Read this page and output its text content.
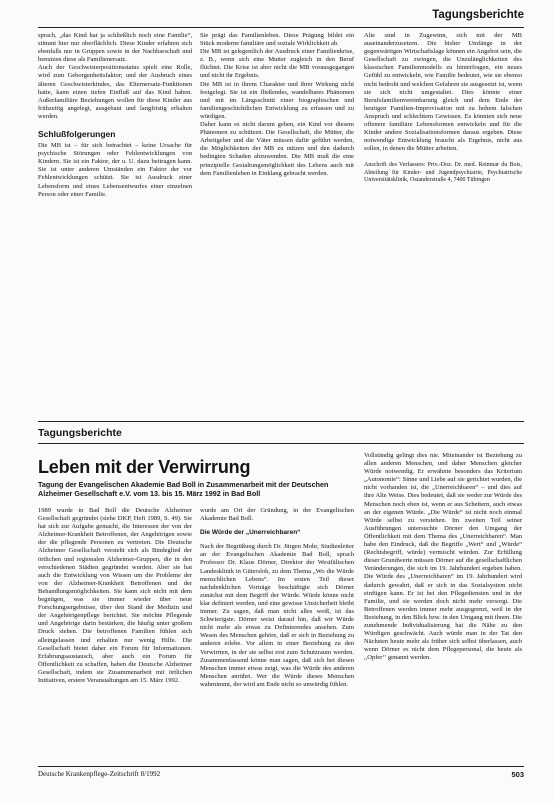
Tagungsberichte

sprach, „das Kind hat ja schließlich noch eine Familie“, stimmt hier nur oberflächlich. Diese Kinder erfahren sich ebenfalls nur in Gruppen sowie in der Nachbarschaft und benutzen diese als Familienersatz.

Auch der Geschwisterpositionsstatus spielt eine Rolle, wird zum Geborgenheitsfaktor; und der Ausbruch eines älteren Geschwisterkindes, das Elternersatz-Funktionen hatte, kann einen tiefen Einfluß auf das Kind haben. Außerfamiliäre Beziehungen wollen für diese Kinder aus frühzeitig angelegt, ausgebaut und langfristig erhalten werden.

Schlußfolgerungen

Die MB ist – für sich betrachtet – keine Ursache für psychische Störungen oder Fehlentwicklungen von Kindern. Sie ist ein Faktor, der u. U. dazu beitragen kann. Sie ist unter anderen Umständen ein Faktor der vor Fehlentwicklungen schützt. Sie ist Ausdruck einer Lebensform und eines Lebensentwurfes einer einzelnen Person oder einer Familie.

Sie prägt das Familienleben. Diese Prägung bildet ein Stück moderne familiäre und soziale Wirklichkeit ab.

Die MB ist gelegentlich der Ausdruck einer Familienkrise, z. B., wenn sich eine Mutter zugleich in den Beruf flüchtet. Die Krise ist aber nicht die MB vorausgegangen und nicht ihr Ergebnis.

Die MB ist in ihrem Charakter und ihrer Wirkung nicht festgelegt. Sie ist ein fließendes, wandelbares Phänomen und mit im Längsschnitt einer biographischen und familiengeschichtlichen Entwicklung zu erfassen und zu würdigen.

Daher kann es nicht darum gehen, ein Kind vor diesem Phänomen zu schützen. Die Gesellschaft, die Mütter, die Arbeitgeber und die Väter müssen dafür geführt werden, die Möglichkeiten der MB zu nützen und den dadurch bedingten Schaden abzuwenden. Die MB muß die eine prinzipielle Gestaltungsmöglichkeit des Lebens auch mit dem Familienleben in Einklang gebracht werden.

Alte sind in Zugewinn, sich mit der MB auseinanderzusetzen. Die bisher Umfänge in der gegenwärtigen Wirtschaftslage können ein Angebot sein, die Gesellschaft zu zwingen, die Unzulänglichkeiten des klassischen Familienmodells zu hinterfragen, ein neues Gefühl zu entwickeln, wie Familie bedeutet, wie sie ebenso nicht bedroht und welchen Gefahren sie ausgesetzt ist, wenn sie sich nicht umgestaltet. Dies könnte einer Berufsfamilienvereinbarung gleich und dem Ende der heutigen Familien-Improvisation mit zu hohem falschen Anspruch und schlechtem Gewissen. Es könnten sich neue offenere familiäre Lebensformen entwickeln und für die Kinder andere Sozialisationsformen daraus ergeben. Diese notwendige Entwicklung braucht als Ergebnis, nicht aus sollen, in denen die Mütter arbeiten.

Anschrift des Verfassers: Priv.-Doz. Dr. med. Reinmar du Bois, Abteilung für Kinder- und Jugendpsychiatrie, Psychiatrische Universitätsklinik, Osianderstraße 4, 7400 Tübingen

Tagungsberichte
Leben mit der Verwirrung
Tagung der Evangelischen Akademie Bad Boll in Zusammenarbeit mit der Deutschen Alzheimer Gesellschaft e.V. vom 13. bis 15. März 1992 in Bad Boll

1989 wurde in Bad Boll die Deutsche Alzheimer Gesellschaft gegründet (siehe DKP, Heft 1989, S. 49). Sie hat sich zur Aufgabe gemacht, die Interessen der von der Alzheimer-Krankheit Betroffenen, der Angehörigen sowie der die pflegende Personen zu vertreten. Die Deutsche Alzheimer Gesellschaft versteht sich als Bindeglied der örtlichen und regionalen Alzheimer-Gruppen, die in den verschiedenen Städten gegründet wurden. Aber sie hat auch die Entwicklung von Wissen um die Probleme der von der Alzheimer-Krankheit Betroffenen und der Behandlungsmöglichkeiten. Sie kann sich nicht mit dem begnügen, was sie immer wieder über neue Forschungsergebnisse, über den Stand der Medizin und der Angehörigenpflege berichtet. Sie möchte Pflegende und Angehörige darin bestärken, die häufig unter großem Druck stehen. Die betroffenen Familien fühlen sich alleingelassen und erhalten nur wenig Hilfe. Die Gesellschaft bietet daher ein Forum für Informationen. Erfahrungsaustausch, aber auch ein Forum für Öffentlichkeit zu schaffen, haben die Deutsche Alzheimer Gesellschaft, indem sie Zusammenarbeit mit örtlichen Initiativen, erstere Veranstaltungen am 15. März 1992.

wurde am Ort der Gründung, in der Evangelischen Akademie Bad Boll.

Die Würde der „Unerreichbaren“

Nach der Begrüßung durch Dr. Jürgen Mohr, Studienleiter an der Evangelischen Akademie Bad Boll, sprach Professor Dr. Klaus Dörner, Direktor der Westfälischen Landesklinik in Gütersloh, zu dem Thema „Wo die Würde menschlichen Lebens“. Im ersten Teil dieser nachdenklichen Vorträge beschäftigte sich Dörner zunächst mit dem Begriff der Würde. Würde könne nicht klar definiert werden, und eine gewisse Unsicherheit bleibt immer. Zu sagen, daß man nicht alles weiß, ist das Schwierigste. Dörner weist darauf hin, daß wir Würde nicht mehr als etwas zu Definierendes ansehen. Zum Wesen des Menschen gehöre, daß er sich in Beziehung zu anderen erlebe. Vor allem in einer Beziehung zu den Verwirrten, in der sie selbst erst zum Schutzraum werden. Zusammenfassend könne man sagen, daß sich bei diesen Menschen immer etwas zeigt, was die Würde des anderen Menschen anrührt. Wer die Würde dieses Menschen wahrnimmt, der wird am Ende nicht so unwürdig fühlen.

Vollständig gelingt dies nie. Miteinander ist Beziehung zu allen anderen Menschen, und daher Menschen gleicher Würde notwendig. Er erwähnte besonders das Kriterium „Autonomie“: Sinne und Liebe auf sie gerichtet wurden, die nicht vorhanden ist, die „Unerreichbaren“ – und dies auf ihre Alte Weise. Dies bedeutet, daß sie weder zur Würde des Menschen noch eben ist, wenn er aus Scheitern, auch etwas an der eigenen Würde. „Die Würde“ ist nicht noch einmal Würde selbst zu verstehen. Im zweiten Teil seiner Ausführungen untersuchte Dörner den Umgang der Öffentlichkeit mit dem Thema des „Unerreichbaren“. Man habe den Eindruck, daß die Begriffe „Wert“ und „Würde“ (Rechtsbegriff, würde) vermischt würden. Zur Erfüllung dieser Grundwerte müssen Dörner auf die gesellschaftlichen Veränderungen, die sich im 19. Jahrhundert ergeben haben. Die Würde des „Unerreichbaren“ im 19. Jahrhundert wird dadurch gewahrt, daß er sich in das Sozialsystem nicht einfügen kann. Er ist bei den Pflegediensten und in der Familie, und sie werden doch nicht mehr versorgt. Die Betroffenen werden immer mehr ausgegrenzt, weil in der Beziehung, in den Blick bzw. in den Umgang mit ihnen. Die zunehmende Individualisierung hat die Nähe zu den Würdigen geschwächt. Auch würde man in der Tat den Nächsten heute mehr als früher sich selbst überlassen, auch wenn Dörner es nicht dem Pflegepersonal, die heute als ,,Opfer‘‘ genannt werden.

Deutsche Krankenpflege-Zeitschrift 8/1992	503
